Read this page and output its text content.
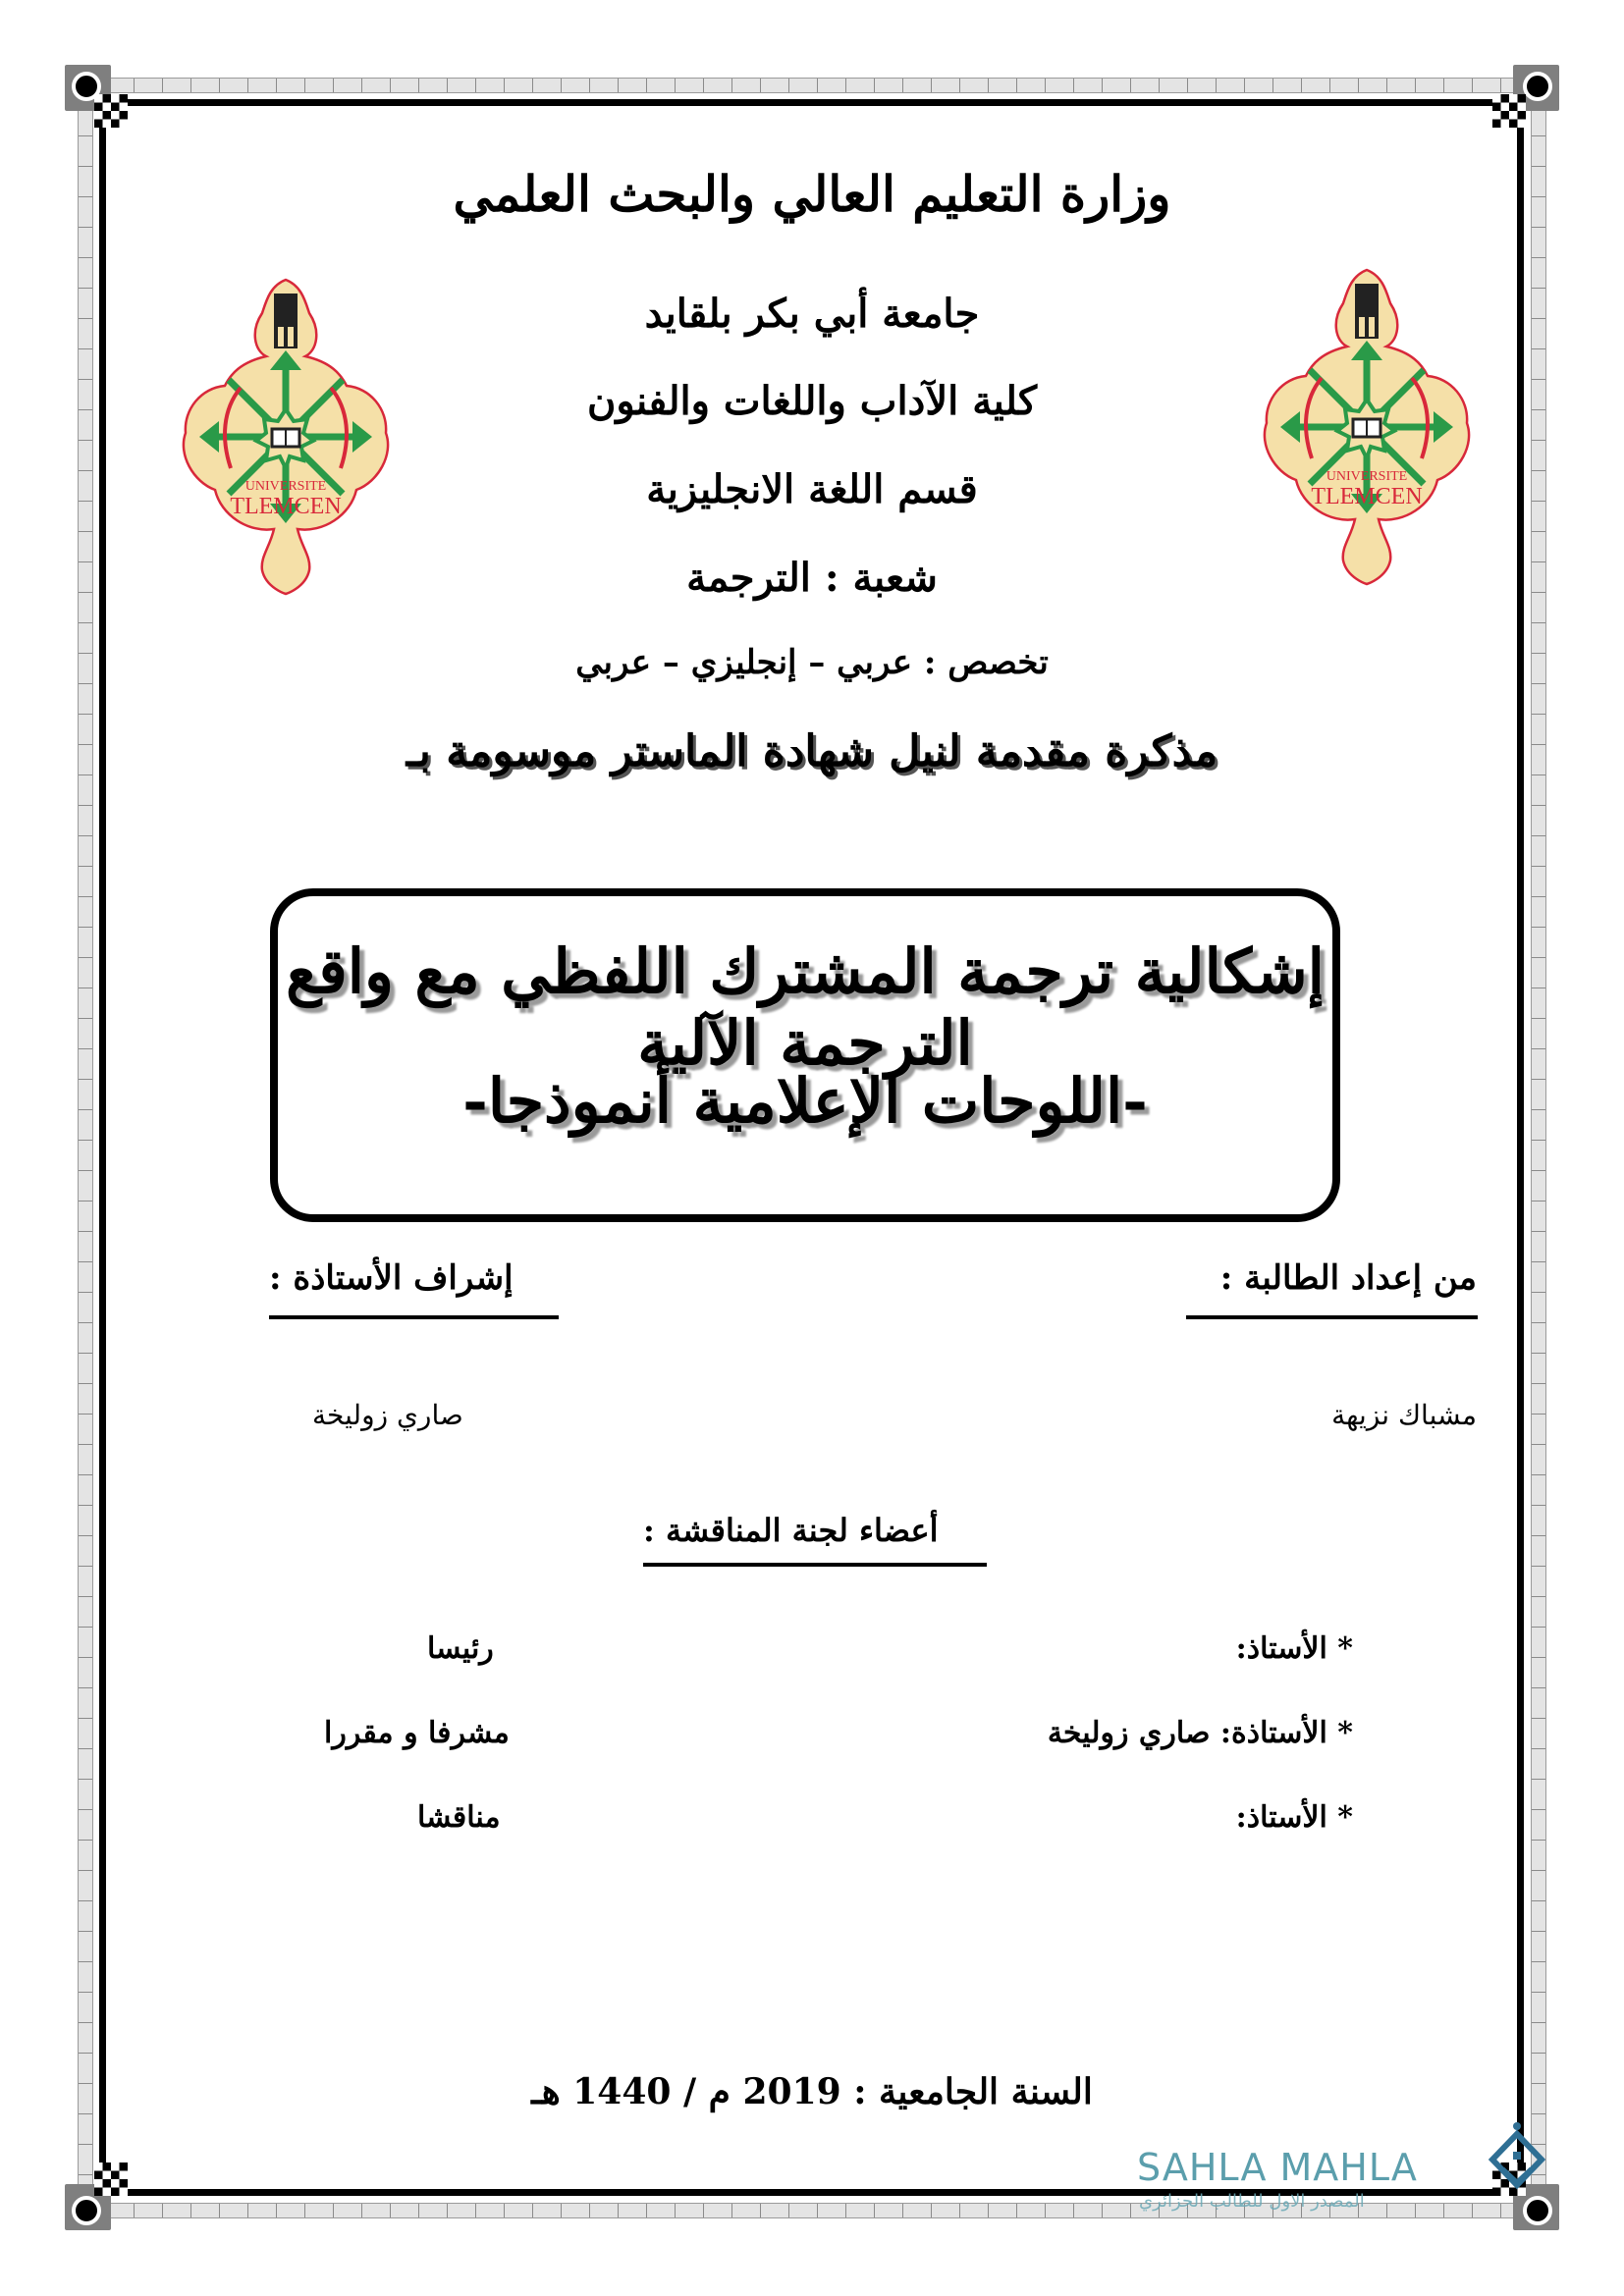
UNIVERSITE
TLEMCEN
UNIVERSITE
TLEMCEN
وزارة التعليم العالي والبحث العلمي
جامعة أبي بكر بلقايد
كلية الآداب واللغات والفنون
قسم اللغة الانجليزية
شعبة : الترجمة
تخصص : عربي – إنجليزي – عربي
مذكرة مقدمة لنيل شهادة الماستر موسومة بـ
إشكالية ترجمة المشترك اللفظي مع واقع الترجمة الآلية
-اللوحات الإعلامية أنموذجا-
من إعداد الطالبة :
مشباك نزيهة
إشراف الأستاذة :
صاري زوليخة
أعضاء لجنة المناقشة :
* الأستاذ:
رئيسا
* الأستاذة: صاري زوليخة
مشرفا و مقررا
* الأستاذ:
مناقشا
السنة الجامعية : 2019 م / 1440 هـ
SAHLA MAHLA
المصدر الاول للطالب الجزائري
